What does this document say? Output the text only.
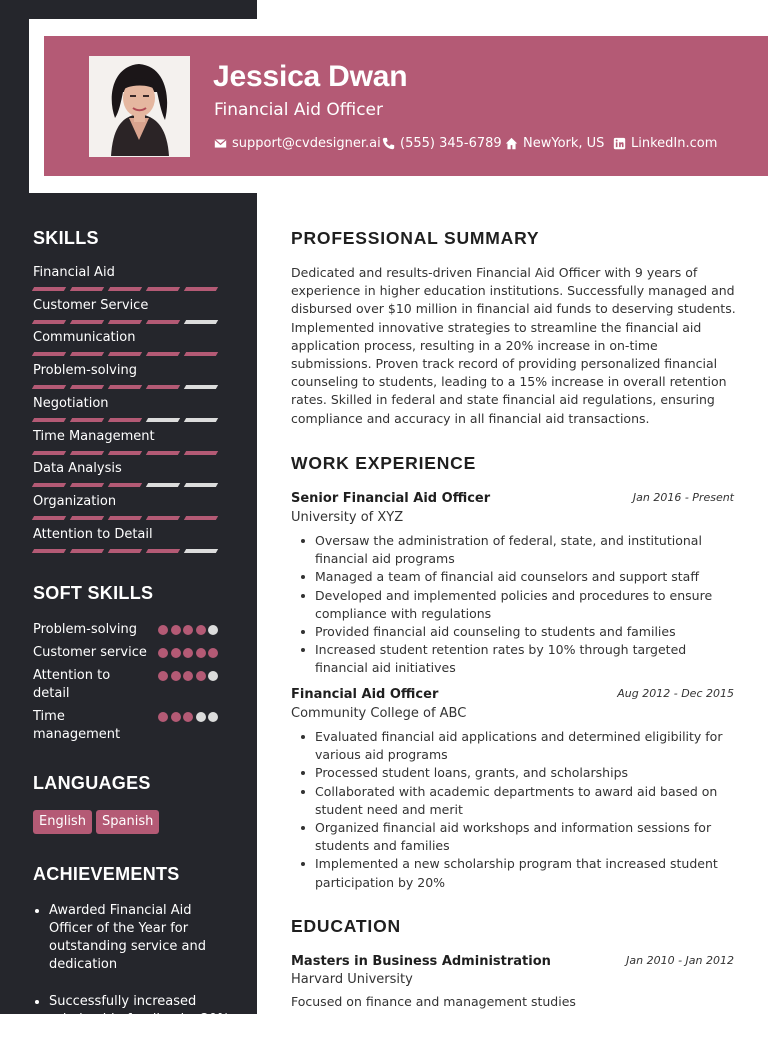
Jessica Dwan
Financial Aid Officer
support@cvdesigner.ai (555) 345-6789 NewYork, US LinkedIn.com
SKILLS
Financial Aid
Customer Service
Communication
Problem-solving
Negotiation
Time Management
Data Analysis
Organization
Attention to Detail
SOFT SKILLS
Problem-solving
Customer service
Attention to detail
Time management
LANGUAGES
English	Spanish
ACHIEVEMENTS
Awarded Financial Aid Officer of the Year for outstanding service and dedication
Successfully increased scholarship funding by 20%
PROFESSIONAL SUMMARY

Dedicated and results-driven Financial Aid Officer with 9 years of experience in higher education institutions. Successfully managed and disbursed over $10 million in financial aid funds to deserving students. Implemented innovative strategies to streamline the financial aid application process, resulting in a 20% increase in on-time submissions. Proven track record of providing personalized financial counseling to students, leading to a 15% increase in overall retention rates. Skilled in federal and state financial aid regulations, ensuring compliance and accuracy in all financial aid transactions.

WORK EXPERIENCE
Senior Financial Aid Officer	Jan 2016 - Present
University of XYZ
Oversaw the administration of federal, state, and institutional financial aid programs
Managed a team of financial aid counselors and support staff
Developed and implemented policies and procedures to ensure compliance with regulations
Provided financial aid counseling to students and families
Increased student retention rates by 10% through targeted financial aid initiatives
Financial Aid Officer	Aug 2012 - Dec 2015
Community College of ABC
Evaluated financial aid applications and determined eligibility for various aid programs
Processed student loans, grants, and scholarships
Collaborated with academic departments to award aid based on student need and merit
Organized financial aid workshops and information sessions for students and families
Implemented a new scholarship program that increased student participation by 20%
EDUCATION
Masters in Business Administration	Jan 2010 - Jan 2012
Harvard University
Focused on finance and management studies
